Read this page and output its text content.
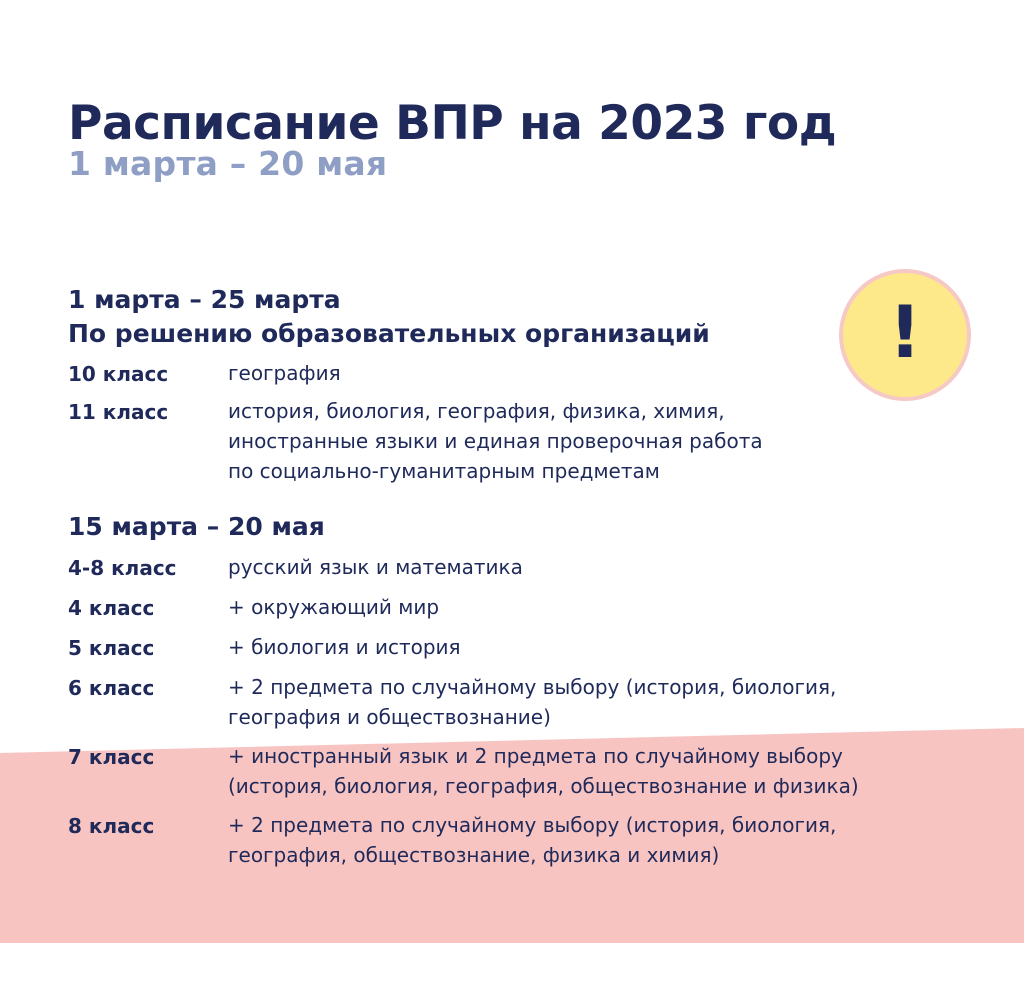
Расписание ВПР на 2023 год
1 марта – 20 мая
!
1 марта – 25 марта
По решению образовательных организаций
10 класс	география
11 класс	история, биология, география, физика, химия,
иностранные языки и единая проверочная работа
по социально-гуманитарным предметам
15 марта – 20 мая
4-8 класс	русский язык и математика
4 класс	+ окружающий мир
5 класс	+ биология и история
6 класс	+ 2 предмета по случайному выбору (история, биология,
география и обществознание)
7 класс	+ иностранный язык и 2 предмета по случайному выбору
(история, биология, география, обществознание и физика)
8 класс	+ 2 предмета по случайному выбору (история, биология,
география, обществознание, физика и химия)
